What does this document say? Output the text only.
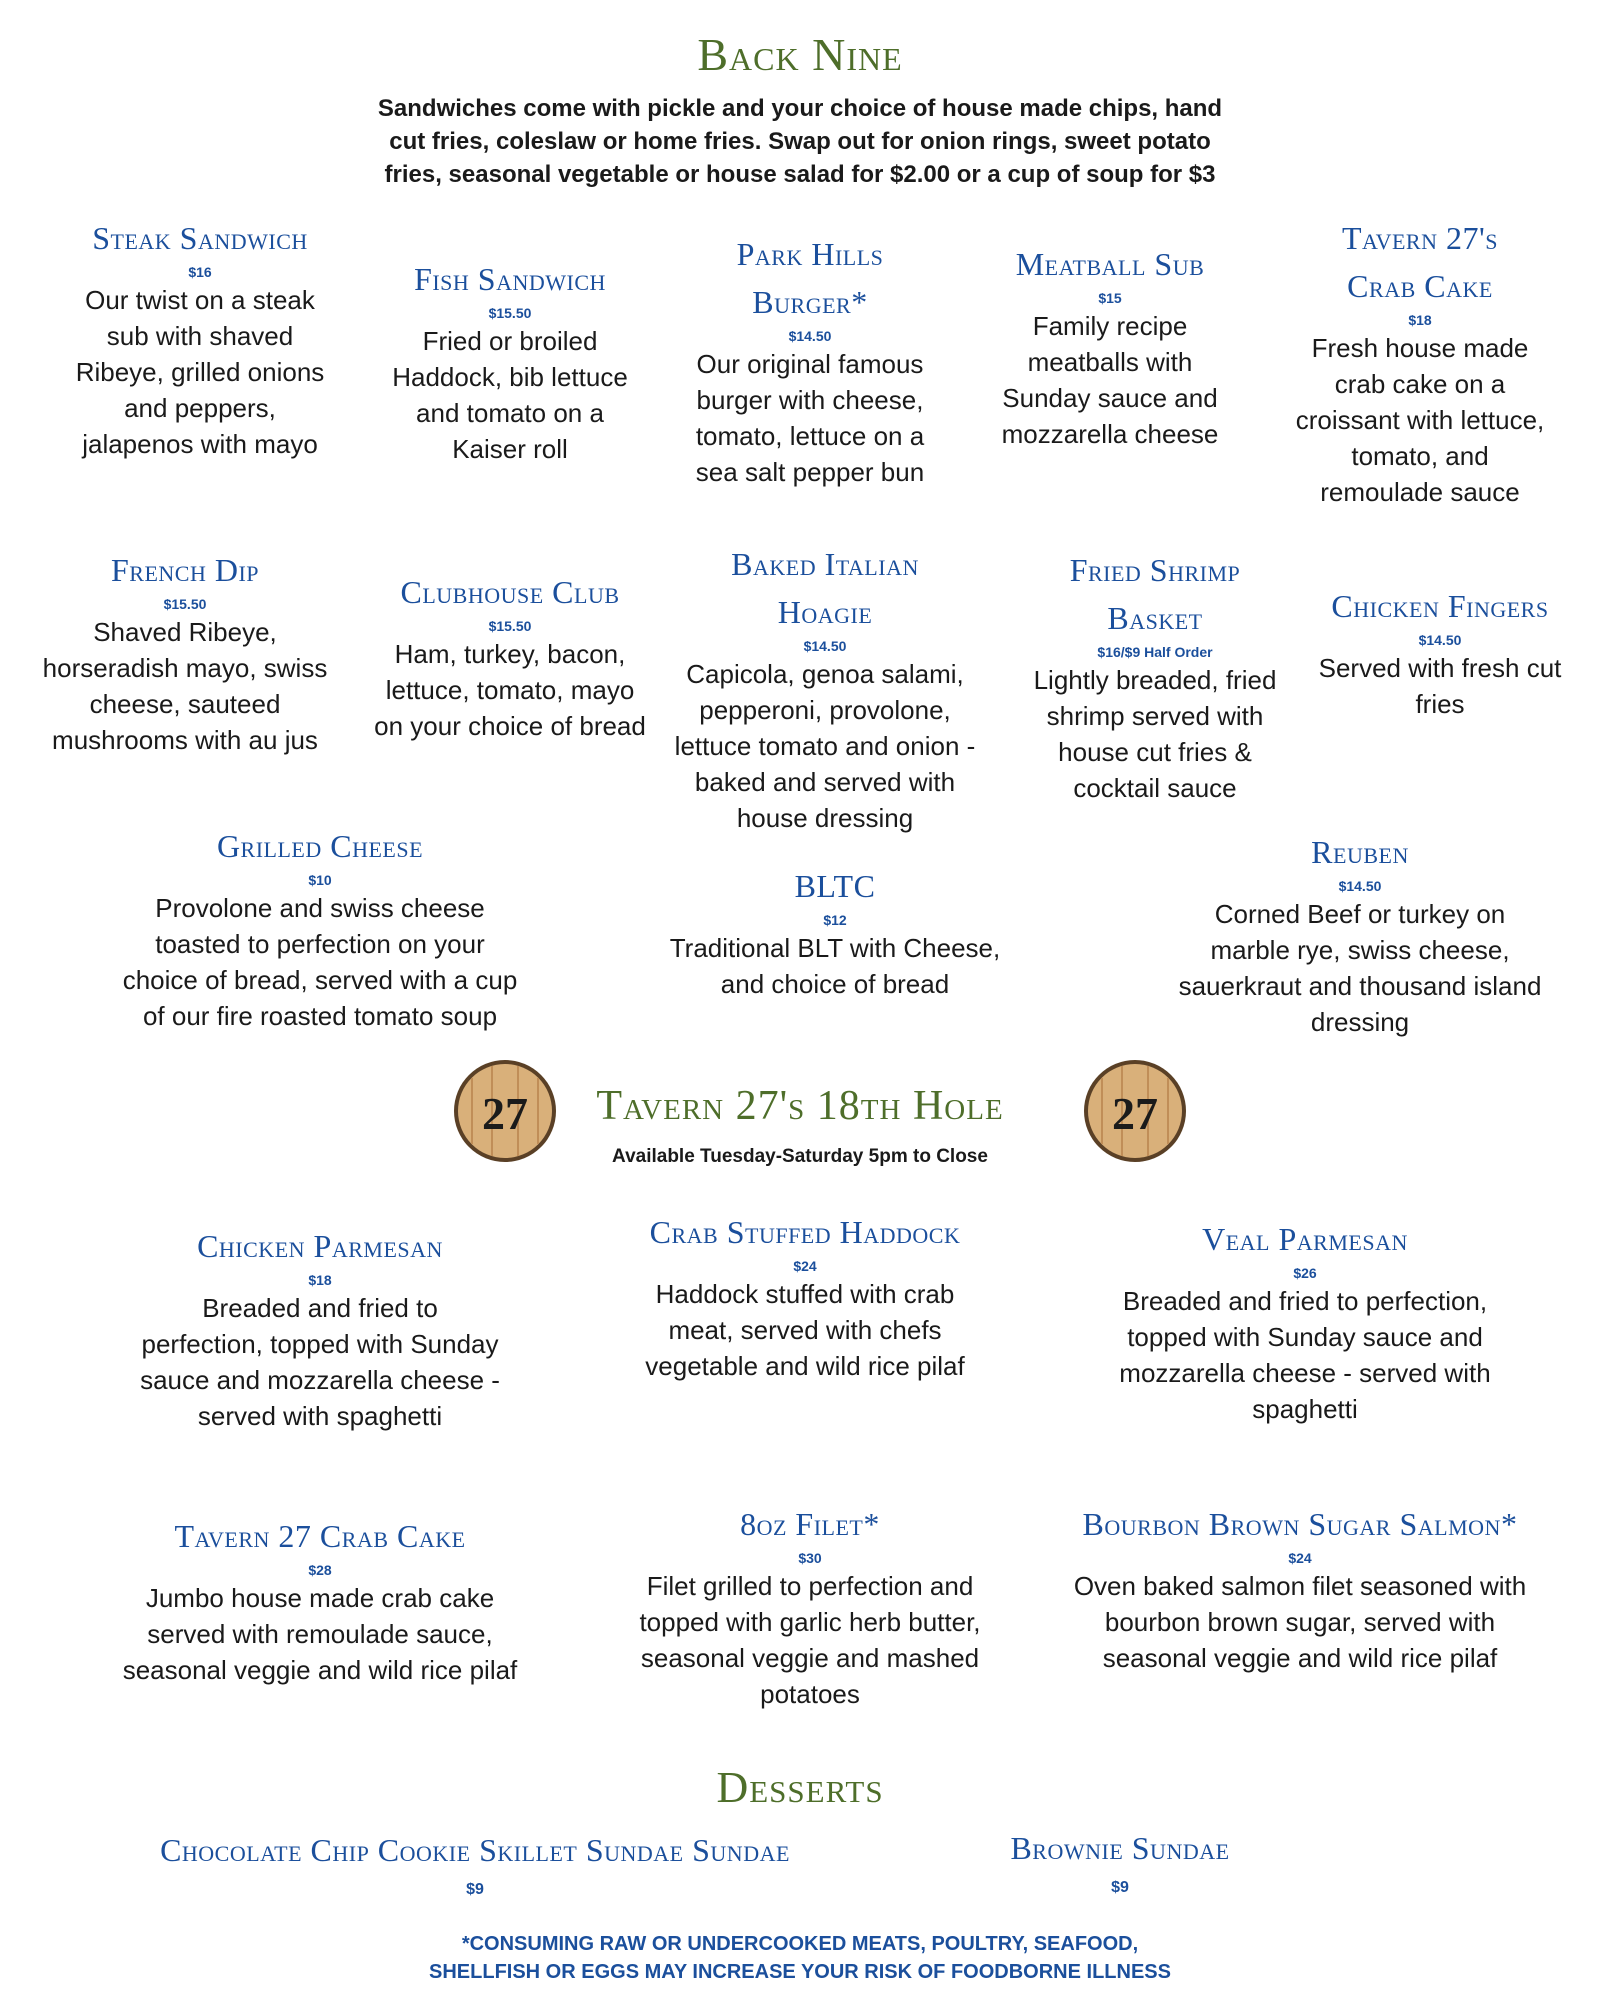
Back Nine
Sandwiches come with pickle and your choice of house made chips, hand
cut fries, coleslaw or home fries. Swap out for onion rings, sweet potato
fries, seasonal vegetable or house salad for $2.00 or a cup of soup for $3
Steak Sandwich
$16
Our twist on a steak
sub with shaved
Ribeye, grilled onions
and peppers,
jalapenos with mayo
Fish Sandwich
$15.50
Fried or broiled
Haddock, bib lettuce
and tomato on a
Kaiser roll
Park Hills
Burger*
$14.50
Our original famous
burger with cheese,
tomato, lettuce on a
sea salt pepper bun
Meatball Sub
$15
Family recipe
meatballs with
Sunday sauce and
mozzarella cheese
Tavern 27's
Crab Cake
$18
Fresh house made
crab cake on a
croissant with lettuce,
tomato, and
remoulade sauce
French Dip
$15.50
Shaved Ribeye,
horseradish mayo, swiss
cheese, sauteed
mushrooms with au jus
Clubhouse Club
$15.50
Ham, turkey, bacon,
lettuce, tomato, mayo
on your choice of bread
Baked Italian
Hoagie
$14.50
Capicola, genoa salami,
pepperoni, provolone,
lettuce tomato and onion -
baked and served with
house dressing
Fried Shrimp
Basket
$16/$9 Half Order
Lightly breaded, fried
shrimp served with
house cut fries &
cocktail sauce
Chicken Fingers
$14.50
Served with fresh cut
fries
Grilled Cheese
$10
Provolone and swiss cheese
toasted to perfection on your
choice of bread, served with a cup
of our fire roasted tomato soup
BLTC
$12
Traditional BLT with Cheese,
and choice of bread
Reuben
$14.50
Corned Beef or turkey on
marble rye, swiss cheese,
sauerkraut and thousand island
dressing
27	27
Tavern 27's 18th Hole
Available Tuesday-Saturday 5pm to Close
Chicken Parmesan
$18
Breaded and fried to
perfection, topped with Sunday
sauce and mozzarella cheese -
served with spaghetti
Crab Stuffed Haddock
$24
Haddock stuffed with crab
meat, served with chefs
vegetable and wild rice pilaf
Veal Parmesan
$26
Breaded and fried to perfection,
topped with Sunday sauce and
mozzarella cheese - served with
spaghetti
Tavern 27 Crab Cake
$28
Jumbo house made crab cake
served with remoulade sauce,
seasonal veggie and wild rice pilaf
8oz Filet*
$30
Filet grilled to perfection and
topped with garlic herb butter,
seasonal veggie and mashed
potatoes
Bourbon Brown Sugar Salmon*
$24
Oven baked salmon filet seasoned with
bourbon brown sugar, served with
seasonal veggie and wild rice pilaf
Desserts
Chocolate Chip Cookie Skillet Sundae Sundae
$9
Brownie Sundae
$9
*CONSUMING RAW OR UNDERCOOKED MEATS, POULTRY, SEAFOOD,
SHELLFISH OR EGGS MAY INCREASE YOUR RISK OF FOODBORNE ILLNESS
